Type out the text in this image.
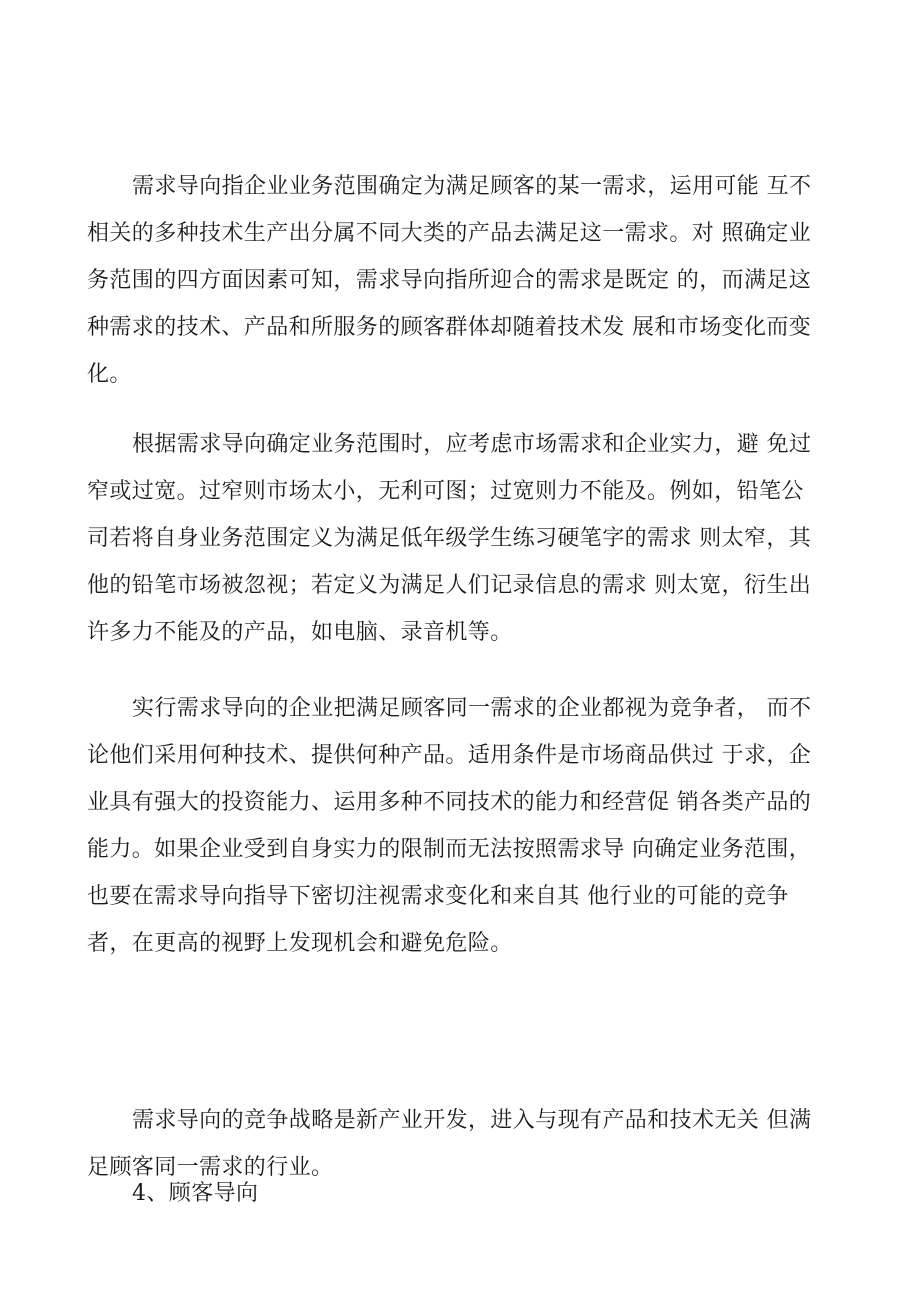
需求导向指企业业务范围确定为满足顾客的某一需求，运用可能 互不
相关的多种技术生产出分属不同大类的产品去满足这一需求。对 照确定业
务范围的四方面因素可知，需求导向指所迎合的需求是既定 的，而满足这
种需求的技术、产品和所服务的顾客群体却随着技术发 展和市场变化而变
化。
根据需求导向确定业务范围时，应考虑市场需求和企业实力，避 免过
窄或过宽。过窄则市场太小，无利可图；过宽则力不能及。例如，铅笔公
司若将自身业务范围定义为满足低年级学生练习硬笔字的需求 则太窄，其
他的铅笔市场被忽视；若定义为满足人们记录信息的需求 则太宽，衍生出
许多力不能及的产品，如电脑、录音机等。
实行需求导向的企业把满足顾客同一需求的企业都视为竞争者， 而不
论他们采用何种技术、提供何种产品。适用条件是市场商品供过 于求，企
业具有强大的投资能力、运用多种不同技术的能力和经营促 销各类产品的
能力。如果企业受到自身实力的限制而无法按照需求导 向确定业务范围，
也要在需求导向指导下密切注视需求变化和来自其 他行业的可能的竞争
者，在更高的视野上发现机会和避免危险。
需求导向的竞争战略是新产业开发，进入与现有产品和技术无关 但满
足顾客同一需求的行业。
4、顾客导向
